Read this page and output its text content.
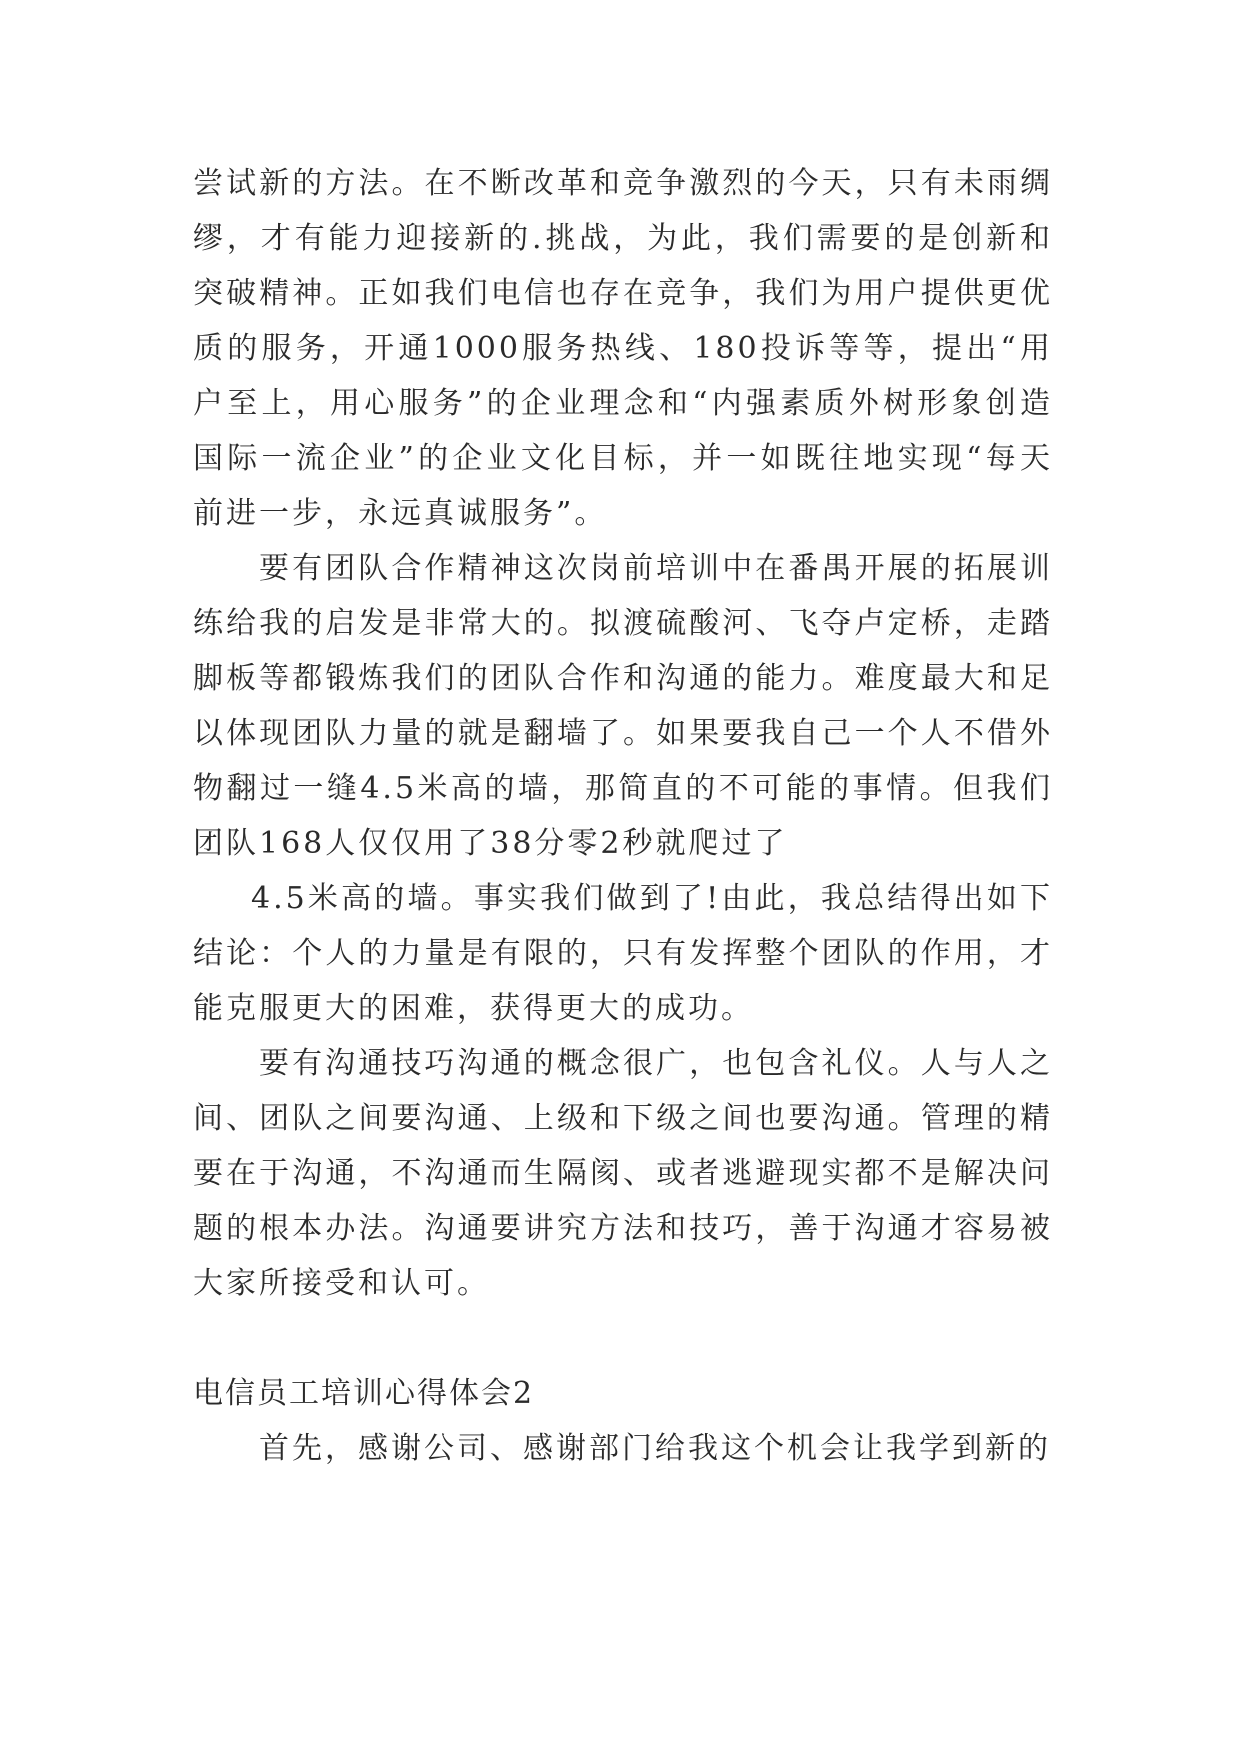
尝试新的方法。在不断改革和竞争激烈的今天，只有未雨绸缪，才有能力迎接新的.挑战，为此，我们需要的是创新和突破精神。正如我们电信也存在竞争，我们为用户提供更优质的服务，开通1000服务热线、180投诉等等，提出“用户至上，用心服务”的企业理念和“内强素质外树形象创造国际一流企业”的企业文化目标，并一如既往地实现“每天前进一步，永远真诚服务”。

要有团队合作精神这次岗前培训中在番禺开展的拓展训练给我的启发是非常大的。拟渡硫酸河、飞夺卢定桥，走踏脚板等都锻炼我们的团队合作和沟通的能力。难度最大和足以体现团队力量的就是翻墙了。如果要我自己一个人不借外物翻过一缝4.5米高的墙，那简直的不可能的事情。但我们团队168人仅仅用了38分零2秒就爬过了

4.5米高的墙。事实我们做到了!由此，我总结得出如下结论：个人的力量是有限的，只有发挥整个团队的作用，才能克服更大的困难，获得更大的成功。

要有沟通技巧沟通的概念很广，也包含礼仪。人与人之间、团队之间要沟通、上级和下级之间也要沟通。管理的精要在于沟通，不沟通而生隔阂、或者逃避现实都不是解决问题的根本办法。沟通要讲究方法和技巧，善于沟通才容易被大家所接受和认可。

电信员工培训心得体会2

首先，感谢公司、感谢部门给我这个机会让我学到新的
